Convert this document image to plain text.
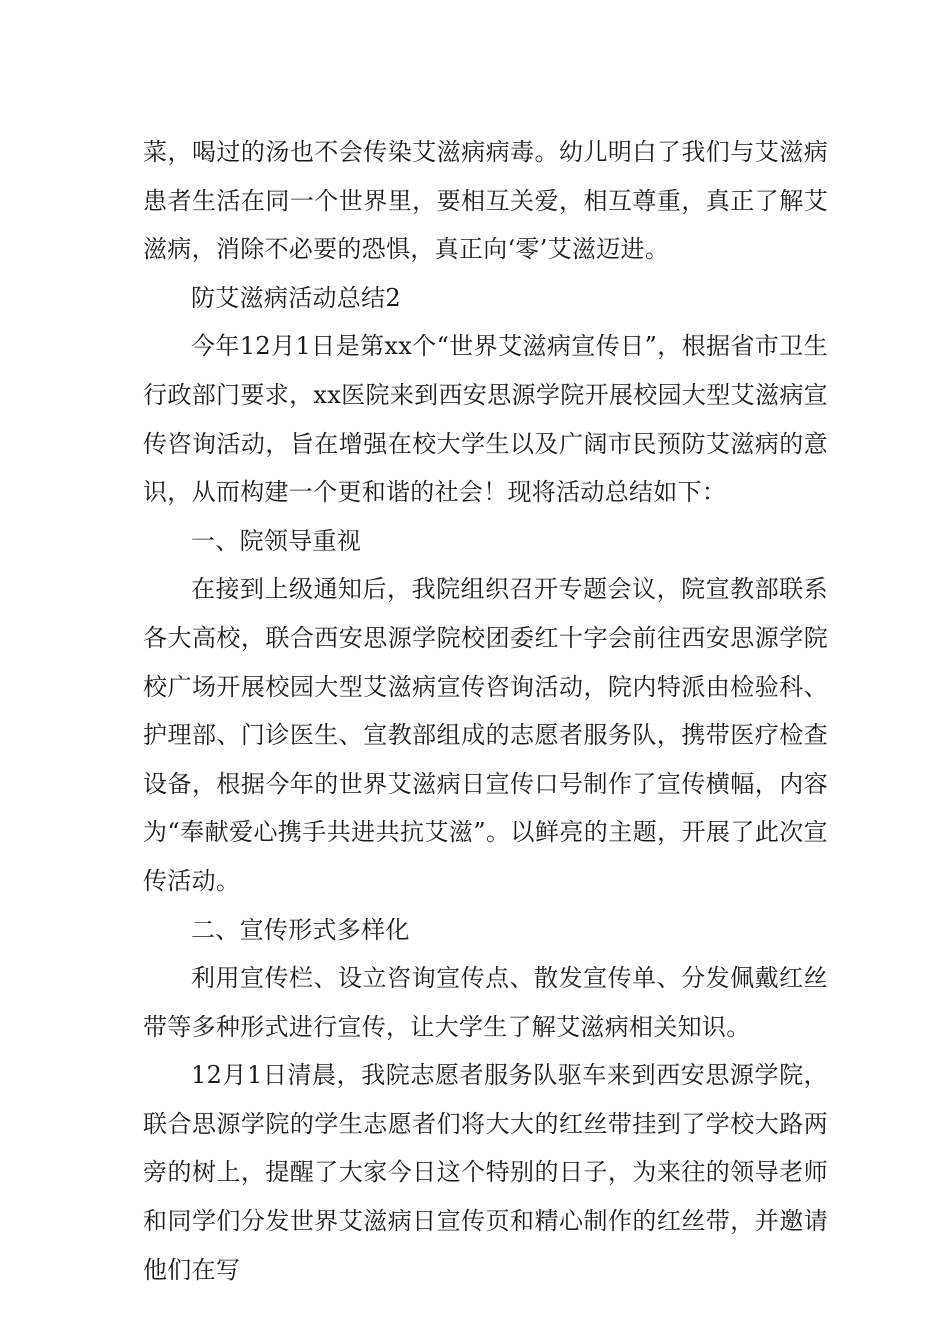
菜，喝过的汤也不会传染艾滋病病毒。幼儿明白了我们与艾滋病患者生活在同一个世界里，要相互关爱，相互尊重，真正了解艾滋病，消除不必要的恐惧，真正向‘零’艾滋迈进。

防艾滋病活动总结2

今年12月1日是第xx个“世界艾滋病宣传日”，根据省市卫生行政部门要求，xx医院来到西安思源学院开展校园大型艾滋病宣传咨询活动，旨在增强在校大学生以及广阔市民预防艾滋病的意识，从而构建一个更和谐的社会！现将活动总结如下：

一、院领导重视

在接到上级通知后，我院组织召开专题会议，院宣教部联系各大高校，联合西安思源学院校团委红十字会前往西安思源学院校广场开展校园大型艾滋病宣传咨询活动，院内特派由检验科、护理部、门诊医生、宣教部组成的志愿者服务队，携带医疗检查设备，根据今年的世界艾滋病日宣传口号制作了宣传横幅，内容为“奉献爱心携手共进共抗艾滋”。以鲜亮的主题，开展了此次宣传活动。

二、宣传形式多样化

利用宣传栏、设立咨询宣传点、散发宣传单、分发佩戴红丝带等多种形式进行宣传，让大学生了解艾滋病相关知识。

12月1日清晨，我院志愿者服务队驱车来到西安思源学院，联合思源学院的学生志愿者们将大大的红丝带挂到了学校大路两旁的树上，提醒了大家今日这个特别的日子，为来往的领导老师和同学们分发世界艾滋病日宣传页和精心制作的红丝带，并邀请他们在写
